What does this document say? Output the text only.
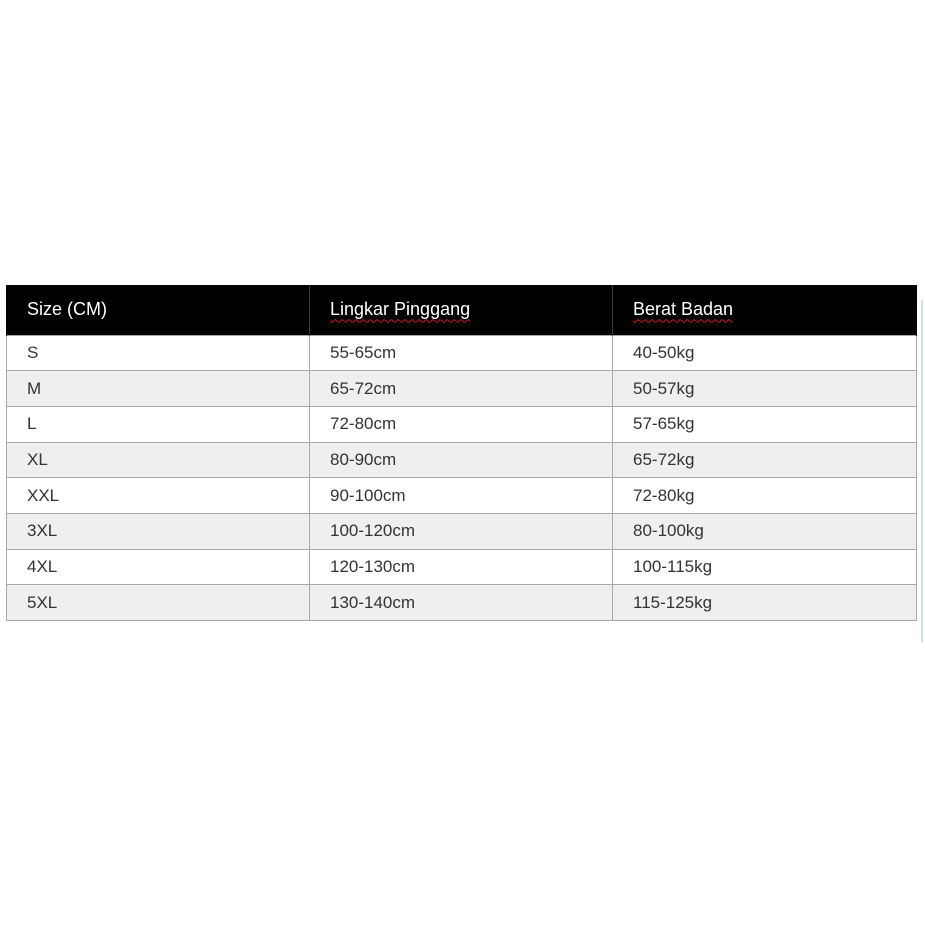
Size (CM)	Lingkar Pinggang	Berat Badan
S	55-65cm	40-50kg
M	65-72cm	50-57kg
L	72-80cm	57-65kg
XL	80-90cm	65-72kg
XXL	90-100cm	72-80kg
3XL	100-120cm	80-100kg
4XL	120-130cm	100-115kg
5XL	130-140cm	115-125kg
